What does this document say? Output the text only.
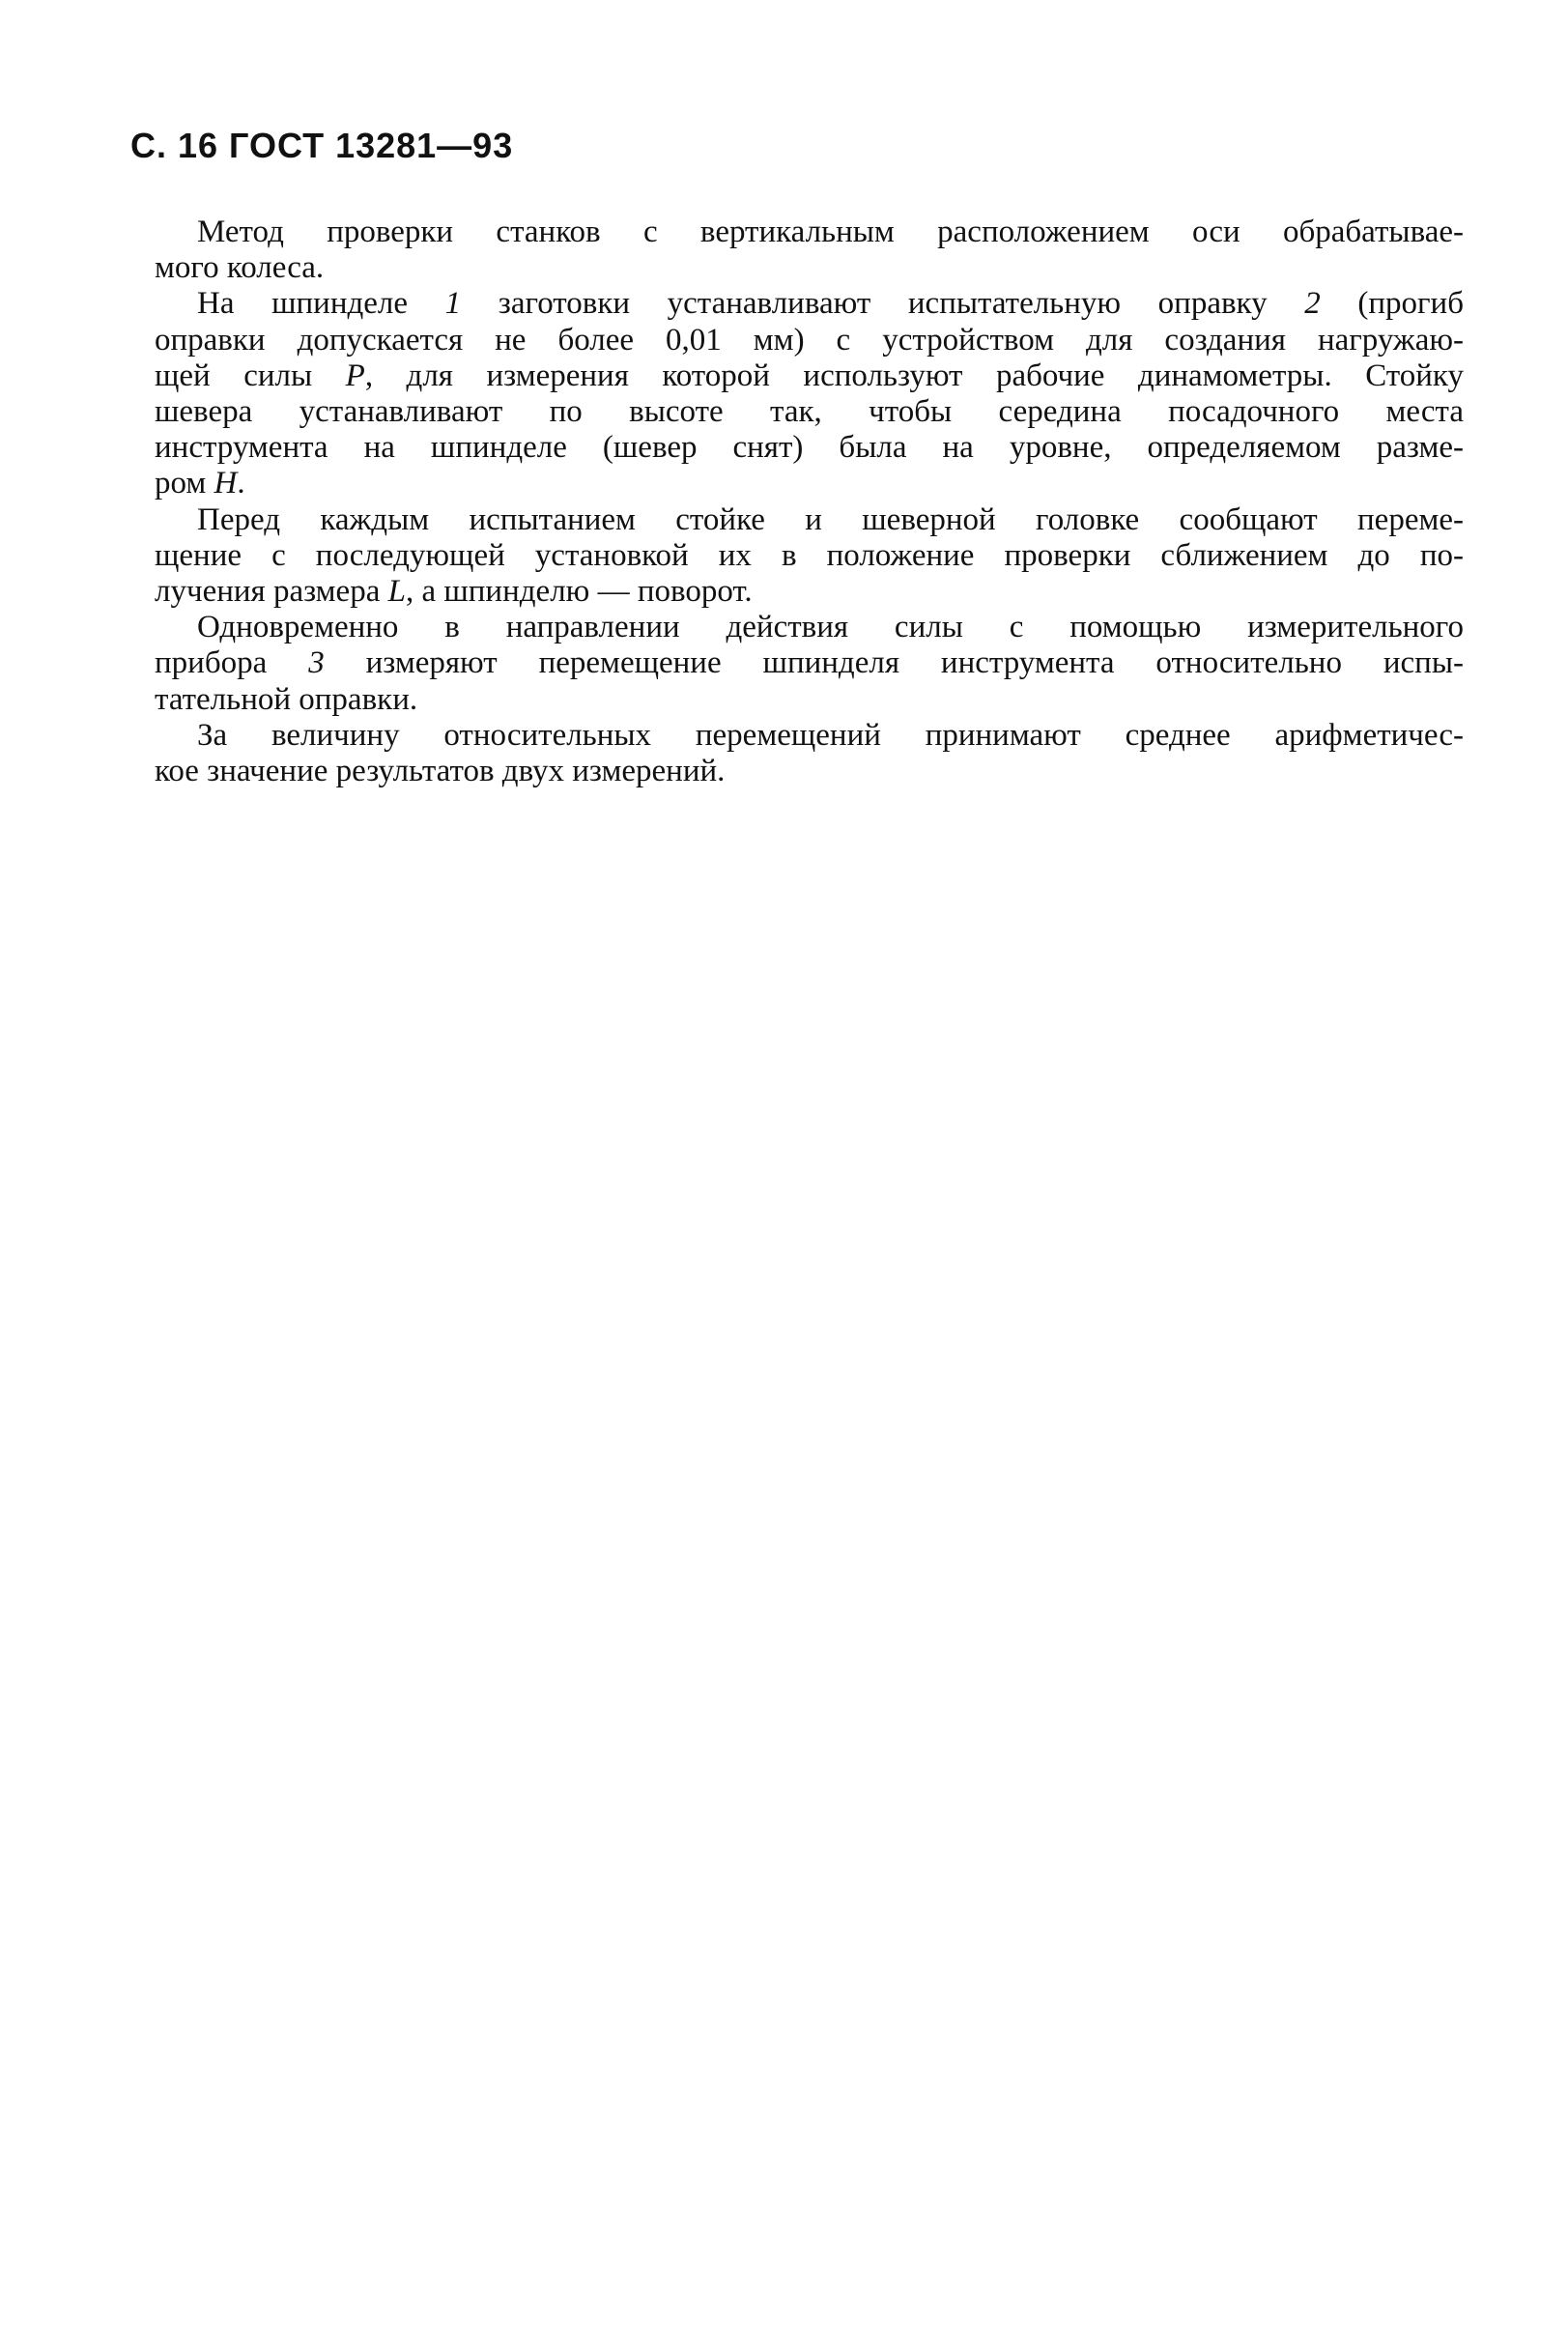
С. 16 ГОСТ 13281—93
Метод проверки станков с вертикальным расположением оси обрабатывае-
мого колеса.
На шпинделе 1 заготовки устанавливают испытательную оправку 2 (прогиб
оправки допускается не более 0,01 мм) с устройством для создания нагружаю-
щей силы P, для измерения которой используют рабочие динамометры. Стойку
шевера устанавливают по высоте так, чтобы середина посадочного места
инструмента на шпинделе (шевер снят) была на уровне, определяемом разме-
ром H.
Перед каждым испытанием стойке и шеверной головке сообщают переме-
щение с последующей установкой их в положение проверки сближением до по-
лучения размера L, а шпинделю — поворот.
Одновременно в направлении действия силы с помощью измерительного
прибора 3 измеряют перемещение шпинделя инструмента относительно испы-
тательной оправки.
За величину относительных перемещений принимают среднее арифметичес-
кое значение результатов двух измерений.
